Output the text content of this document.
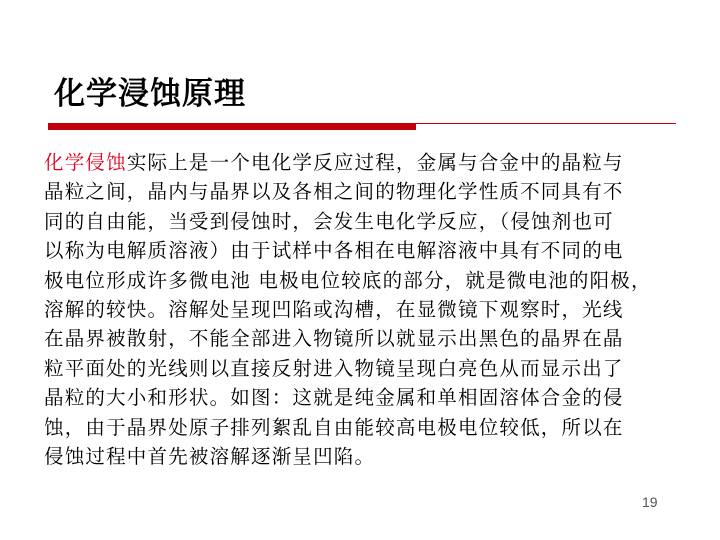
化学浸蚀原理
化学侵蚀实际上是一个电化学反应过程，金属与合金中的晶粒与
晶粒之间，晶内与晶界以及各相之间的物理化学性质不同具有不
同的自由能，当受到侵蚀时，会发生电化学反应，（侵蚀剂也可
以称为电解质溶液）由于试样中各相在电解溶液中具有不同的电
极电位形成许多微电池 电极电位较底的部分，就是微电池的阳极，
溶解的较快。溶解处呈现凹陷或沟槽，在显微镜下观察时，光线
在晶界被散射，不能全部进入物镜所以就显示出黑色的晶界在晶
粒平面处的光线则以直接反射进入物镜呈现白亮色从而显示出了
晶粒的大小和形状。如图：这就是纯金属和单相固溶体合金的侵
蚀，由于晶界处原子排列絮乱自由能较高电极电位较低，所以在
侵蚀过程中首先被溶解逐渐呈凹陷。
19
